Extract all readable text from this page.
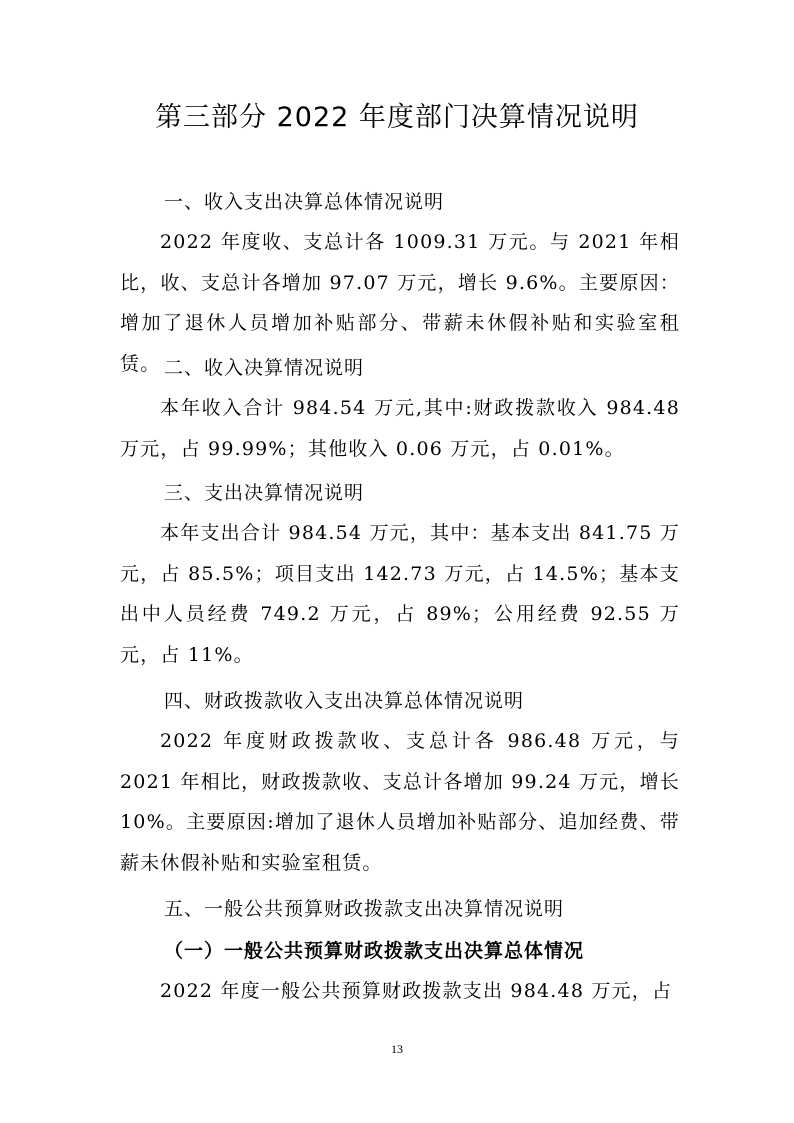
第三部分 2022 年度部门决算情况说明
一、收入支出决算总体情况说明
2022 年度收、支总计各 1009.31 万元。与 2021 年相比，收、支总计各增加 97.07 万元，增长 9.6%。主要原因：增加了退休人员增加补贴部分、带薪未休假补贴和实验室租赁。 二、收入决算情况说明
本年收入合计 984.54 万元,其中:财政拨款收入 984.48 万元，占 99.99%；其他收入 0.06 万元，占 0.01%。
三、支出决算情况说明
本年支出合计 984.54 万元，其中：基本支出 841.75 万元，占 85.5%；项目支出 142.73 万元，占 14.5%；基本支出中人员经费 749.2 万元，占 89%；公用经费 92.55 万元，占 11%。
四、财政拨款收入支出决算总体情况说明
2022 年度财政拨款收、支总计各 986.48 万元，与 2021 年相比，财政拨款收、支总计各增加 99.24 万元，增长 10%。主要原因:增加了退休人员增加补贴部分、追加经费、带薪未休假补贴和实验室租赁。
五、一般公共预算财政拨款支出决算情况说明
（一）一般公共预算财政拨款支出决算总体情况
2022 年度一般公共预算财政拨款支出 984.48 万元，占
13
